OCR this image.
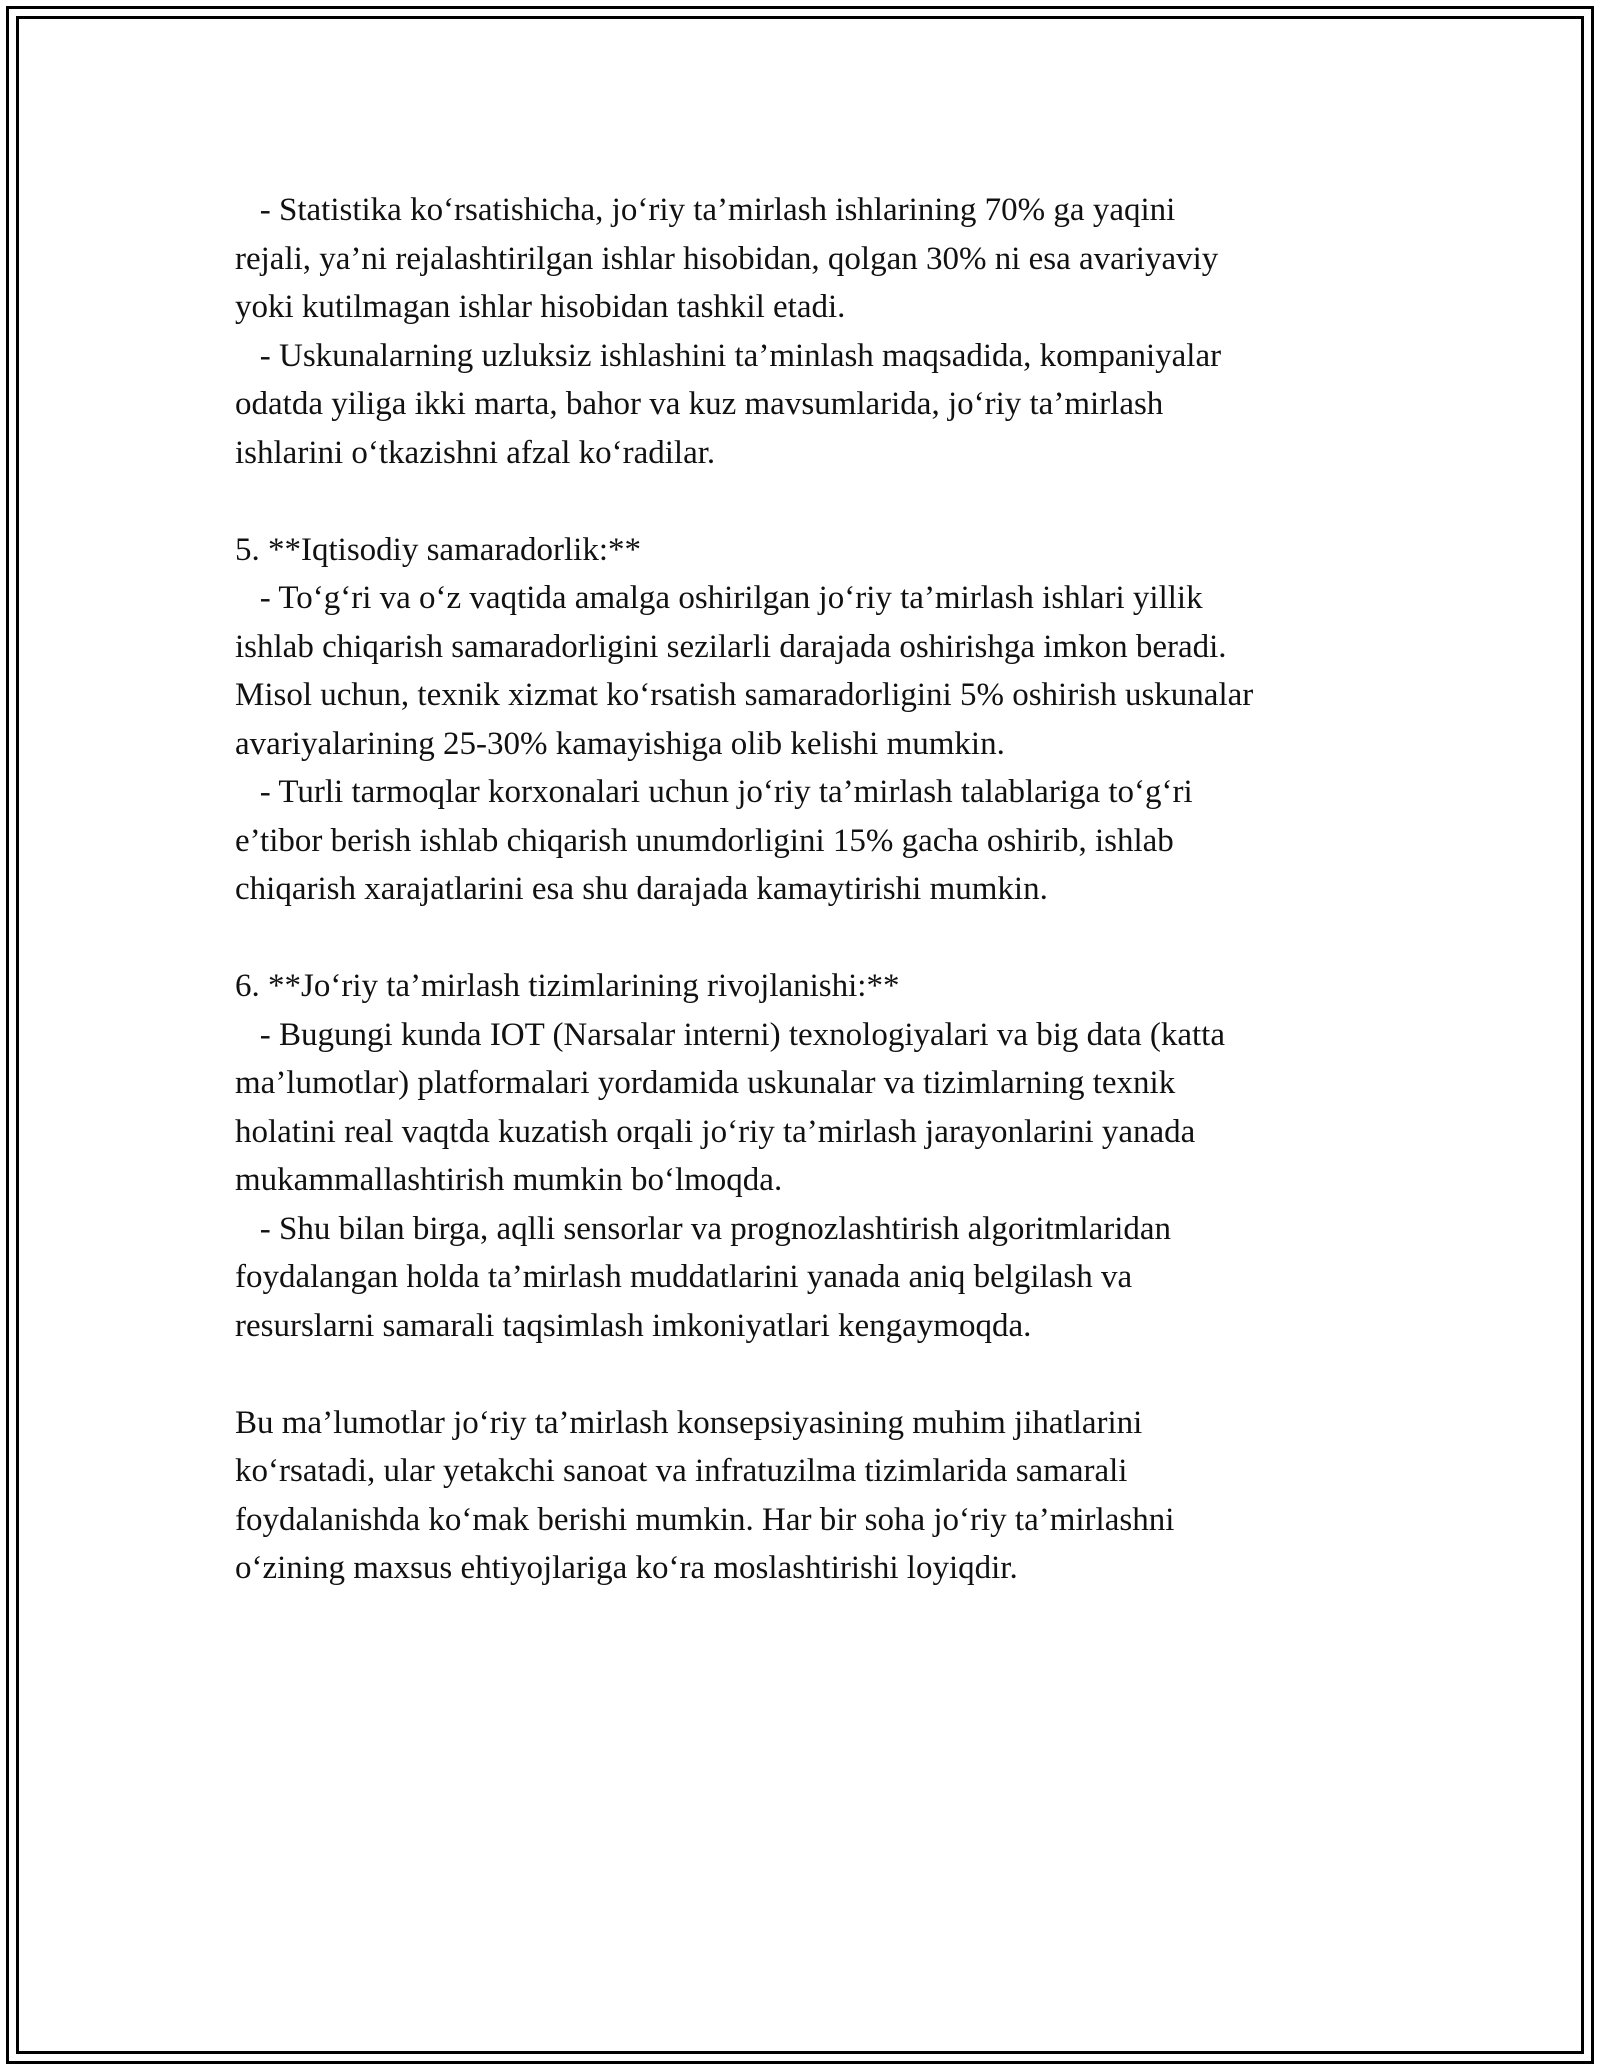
- Statistika ko‘rsatishicha, jo‘riy ta’mirlash ishlarining 70% ga yaqini
rejali, ya’ni rejalashtirilgan ishlar hisobidan, qolgan 30% ni esa avariyaviy
yoki kutilmagan ishlar hisobidan tashkil etadi.
- Uskunalarning uzluksiz ishlashini ta’minlash maqsadida, kompaniyalar
odatda yiliga ikki marta, bahor va kuz mavsumlarida, jo‘riy ta’mirlash
ishlarini o‘tkazishni afzal ko‘radilar.
5. **Iqtisodiy samaradorlik:**
- To‘g‘ri va o‘z vaqtida amalga oshirilgan jo‘riy ta’mirlash ishlari yillik
ishlab chiqarish samaradorligini sezilarli darajada oshirishga imkon beradi.
Misol uchun, texnik xizmat ko‘rsatish samaradorligini 5% oshirish uskunalar
avariyalarining 25-30% kamayishiga olib kelishi mumkin.
- Turli tarmoqlar korxonalari uchun jo‘riy ta’mirlash talablariga to‘g‘ri
e’tibor berish ishlab chiqarish unumdorligini 15% gacha oshirib, ishlab
chiqarish xarajatlarini esa shu darajada kamaytirishi mumkin.
6. **Jo‘riy ta’mirlash tizimlarining rivojlanishi:**
- Bugungi kunda IOT (Narsalar interni) texnologiyalari va big data (katta
ma’lumotlar) platformalari yordamida uskunalar va tizimlarning texnik
holatini real vaqtda kuzatish orqali jo‘riy ta’mirlash jarayonlarini yanada
mukammallashtirish mumkin bo‘lmoqda.
- Shu bilan birga, aqlli sensorlar va prognozlashtirish algoritmlaridan
foydalangan holda ta’mirlash muddatlarini yanada aniq belgilash va
resurslarni samarali taqsimlash imkoniyatlari kengaymoqda.
Bu ma’lumotlar jo‘riy ta’mirlash konsepsiyasining muhim jihatlarini
ko‘rsatadi, ular yetakchi sanoat va infratuzilma tizimlarida samarali
foydalanishda ko‘mak berishi mumkin. Har bir soha jo‘riy ta’mirlashni
o‘zining maxsus ehtiyojlariga ko‘ra moslashtirishi loyiqdir.
